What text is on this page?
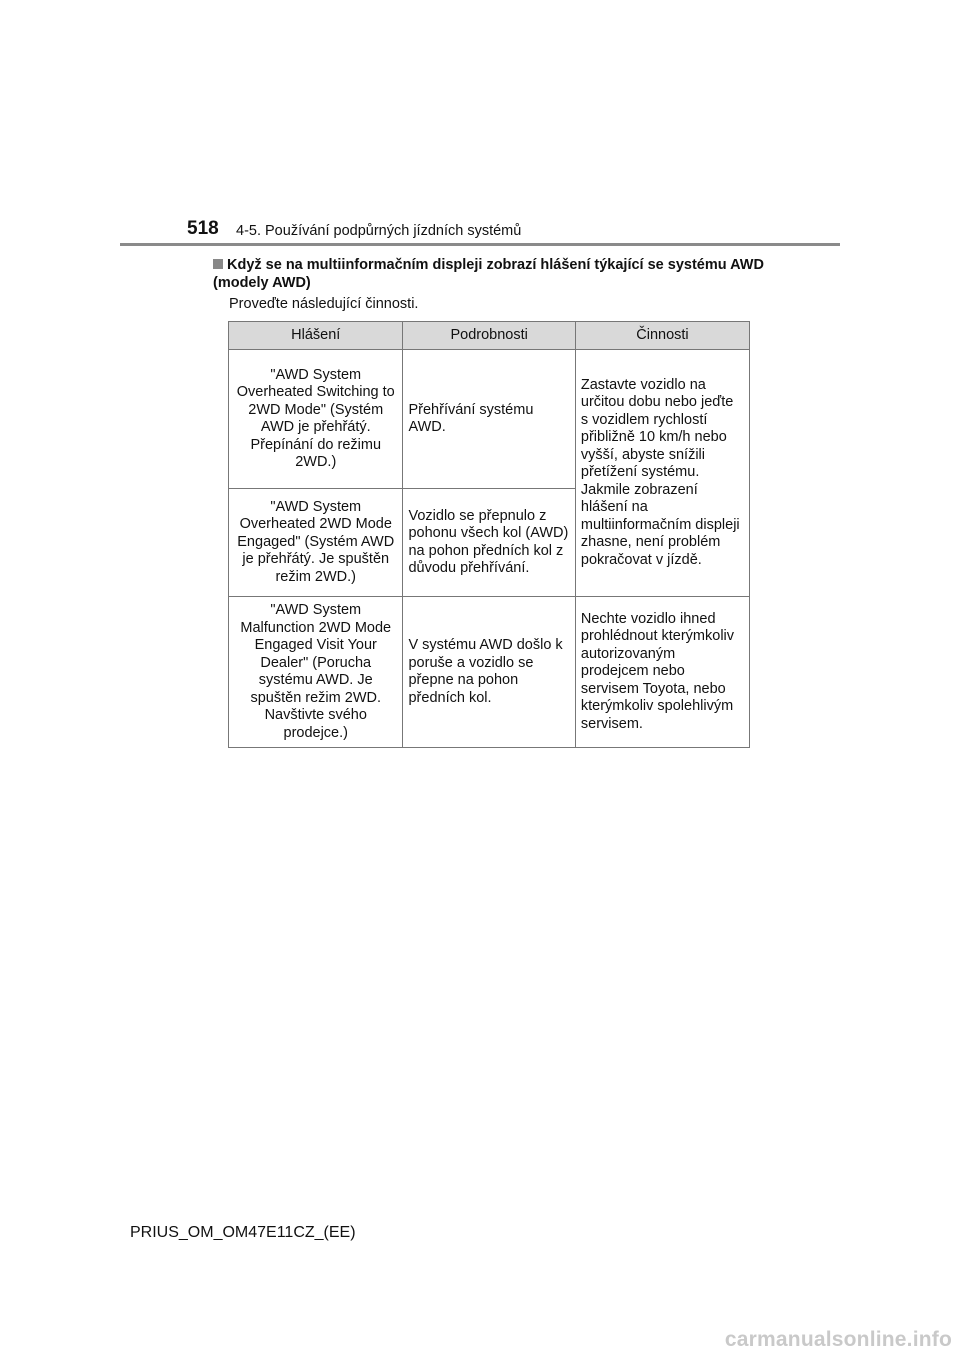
518 4-5. Používání podpůrných jízdních systémů
Když se na multiinformačním displeji zobrazí hlášení týkající se systému AWD (modely AWD)
Proveďte následující činnosti.
Hlášení	Podrobnosti	Činnosti
"AWD System Overheated Switching to 2WD Mode" (Systém AWD je přehřátý. Přepínání do režimu 2WD.)	Přehřívání systému AWD.	Zastavte vozidlo na určitou dobu nebo jeďte s vozidlem rychlostí přibližně 10 km/h nebo vyšší, abyste snížili přetížení systému. Jakmile zobrazení hlášení na multiinformačním displeji zhasne, není problém pokračovat v jízdě.
"AWD System Overheated 2WD Mode Engaged" (Systém AWD je přehřátý. Je spuštěn režim 2WD.)	Vozidlo se přepnulo z pohonu všech kol (AWD) na pohon předních kol z důvodu přehřívání.	
"AWD System Malfunction 2WD Mode Engaged Visit Your Dealer" (Porucha systému AWD. Je spuštěn režim 2WD. Navštivte svého prodejce.)	V systému AWD došlo k poruše a vozidlo se přepne na pohon předních kol.	Nechte vozidlo ihned prohlédnout kterýmkoliv autorizovaným prodejcem nebo servisem Toyota, nebo kterýmkoliv spolehlivým servisem.
PRIUS_OM_OM47E11CZ_(EE)
carmanualsonline.info
